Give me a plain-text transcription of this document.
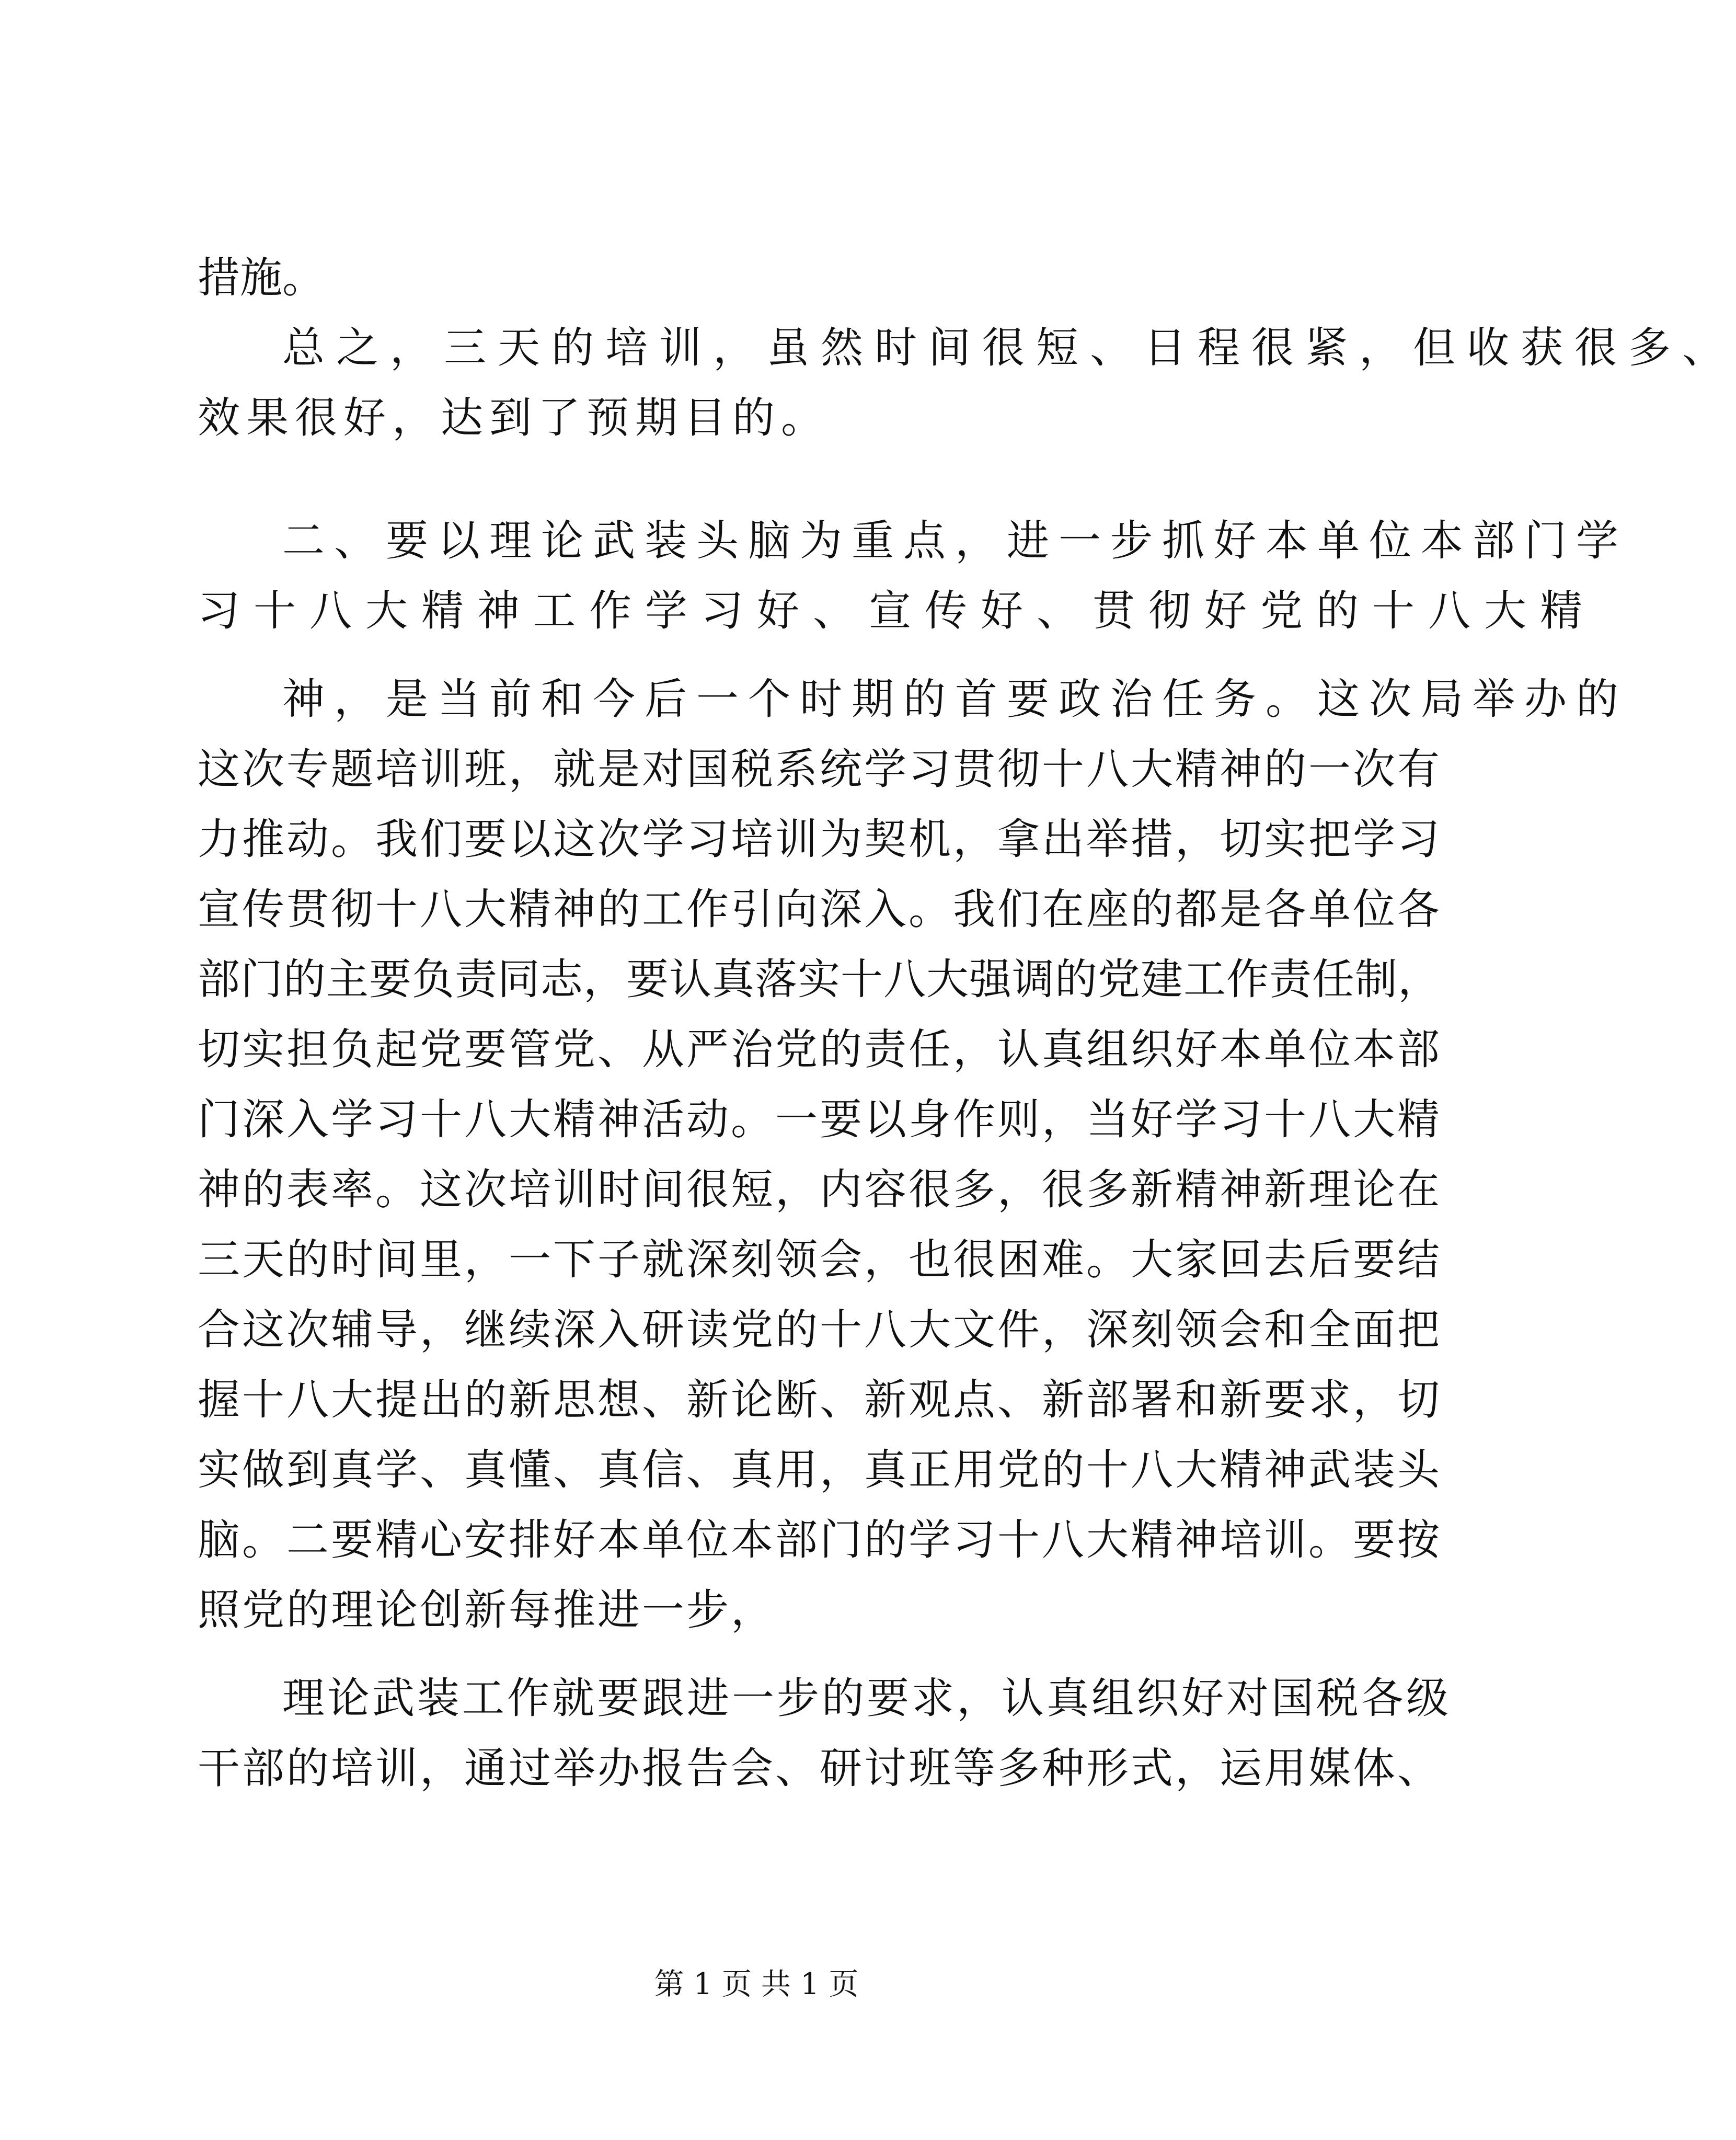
措施。
总之，三天的培训，虽然时间很短、日程很紧，但收获很多、
效果很好，达到了预期目的。
二、要以理论武装头脑为重点，进一步抓好本单位本部门学
习十八大精神工作学习好、宣传好、贯彻好党的十八大精
神，是当前和今后一个时期的首要政治任务。这次局举办的
这次专题培训班，就是对国税系统学习贯彻十八大精神的一次有
力推动。我们要以这次学习培训为契机，拿出举措，切实把学习
宣传贯彻十八大精神的工作引向深入。我们在座的都是各单位各
部门的主要负责同志，要认真落实十八大强调的党建工作责任制，
切实担负起党要管党、从严治党的责任，认真组织好本单位本部
门深入学习十八大精神活动。一要以身作则，当好学习十八大精
神的表率。这次培训时间很短，内容很多，很多新精神新理论在
三天的时间里，一下子就深刻领会，也很困难。大家回去后要结
合这次辅导，继续深入研读党的十八大文件，深刻领会和全面把
握十八大提出的新思想、新论断、新观点、新部署和新要求，切
实做到真学、真懂、真信、真用，真正用党的十八大精神武装头
脑。二要精心安排好本单位本部门的学习十八大精神培训。要按
照党的理论创新每推进一步，
理论武装工作就要跟进一步的要求，认真组织好对国税各级
干部的培训，通过举办报告会、研讨班等多种形式，运用媒体、
第 1 页 共 1 页
